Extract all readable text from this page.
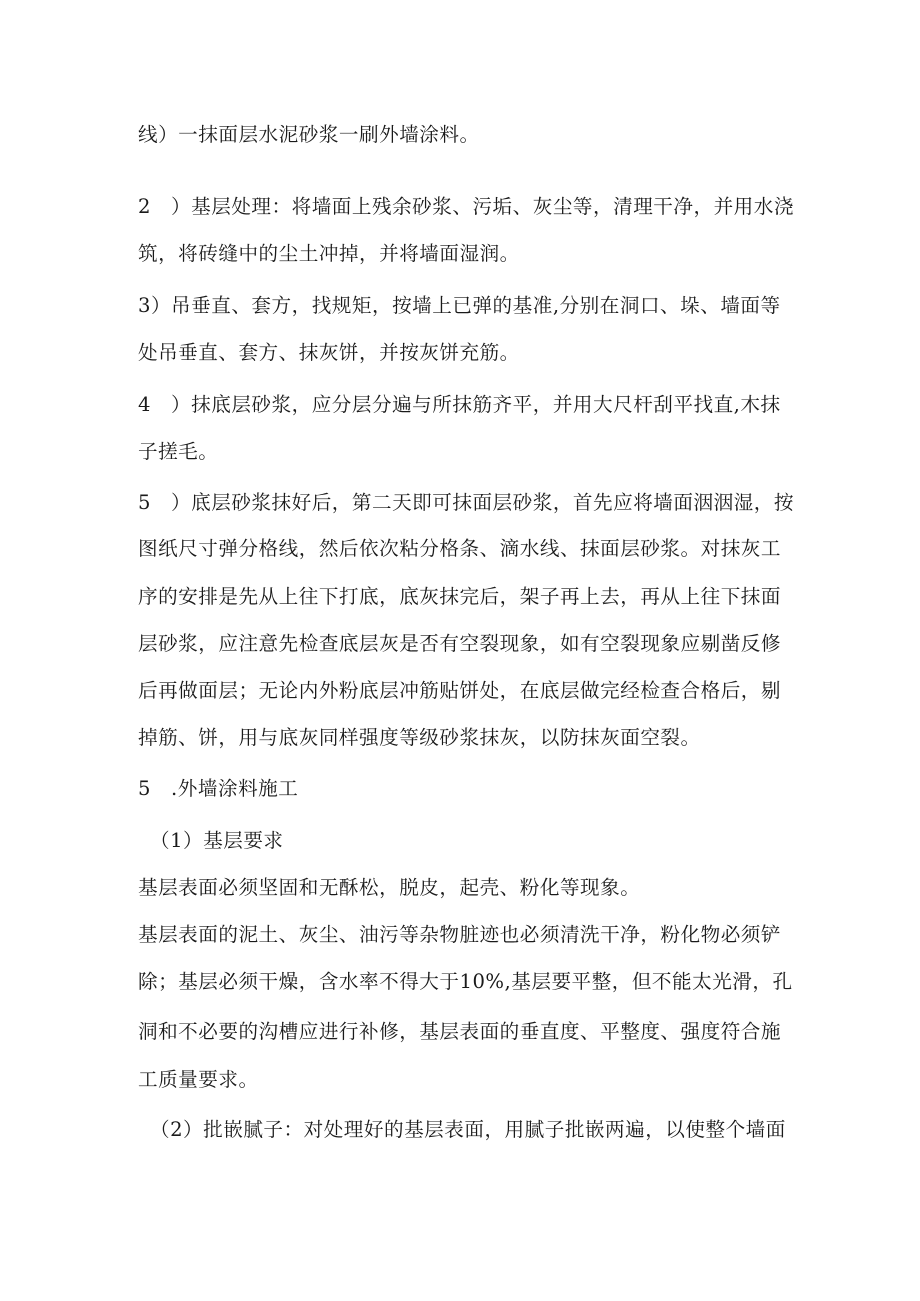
线）一抹面层水泥砂浆一刷外墙涂料。
2　）基层处理：将墙面上残余砂浆、污垢、灰尘等，清理干净，并用水浇
筑，将砖缝中的尘土冲掉，并将墙面湿润。
3）吊垂直、套方，找规矩，按墙上已弹的基准,分别在洞口、垛、墙面等
处吊垂直、套方、抹灰饼，并按灰饼充筋。
4　）抹底层砂浆，应分层分遍与所抹筋齐平，并用大尺杆刮平找直,木抹
子搓毛。
5　）底层砂浆抹好后，第二天即可抹面层砂浆，首先应将墙面洇洇湿，按
图纸尺寸弹分格线，然后依次粘分格条、滴水线、抹面层砂浆。对抹灰工
序的安排是先从上往下打底，底灰抹完后，架子再上去，再从上往下抹面
层砂浆，应注意先检查底层灰是否有空裂现象，如有空裂现象应剔凿反修
后再做面层；无论内外粉底层冲筋贴饼处，在底层做完经检查合格后，剔
掉筋、饼，用与底灰同样强度等级砂浆抹灰，以防抹灰面空裂。
5　.外墙涂料施工
（1）基层要求
基层表面必须坚固和无酥松，脱皮，起壳、粉化等现象。
基层表面的泥土、灰尘、油污等杂物脏迹也必须清洗干净，粉化物必须铲
除；基层必须干燥，含水率不得大于10%,基层要平整，但不能太光滑，孔
洞和不必要的沟槽应进行补修，基层表面的垂直度、平整度、强度符合施
工质量要求。
（2）批嵌腻子：对处理好的基层表面，用腻子批嵌两遍，以使整个墙面
